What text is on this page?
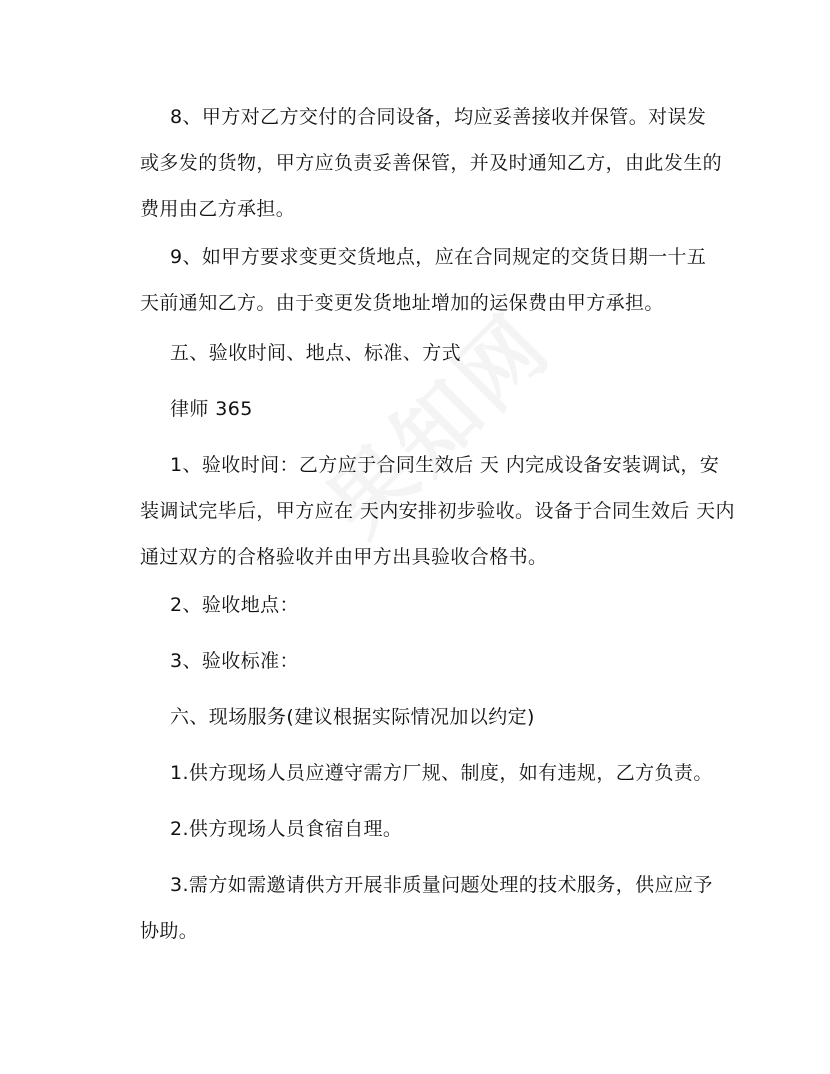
8、甲方对乙方交付的合同设备，均应妥善接收并保管。对误发
或多发的货物，甲方应负责妥善保管，并及时通知乙方，由此发生的
费用由乙方承担。
9、如甲方要求变更交货地点，应在合同规定的交货日期一十五
天前通知乙方。由于变更发货地址增加的运保费由甲方承担。
五、验收时间、地点、标准、方式
律师 365
1、验收时间：乙方应于合同生效后 天 内完成设备安装调试，安
装调试完毕后，甲方应在 天内安排初步验收。设备于合同生效后 天内
通过双方的合格验收并由甲方出具验收合格书。
2、验收地点：
3、验收标准：
六、现场服务(建议根据实际情况加以约定)
1.供方现场人员应遵守需方厂规、制度，如有违规，乙方负责。
2.供方现场人员食宿自理。
3.需方如需邀请供方开展非质量问题处理的技术服务，供应应予
协助。
